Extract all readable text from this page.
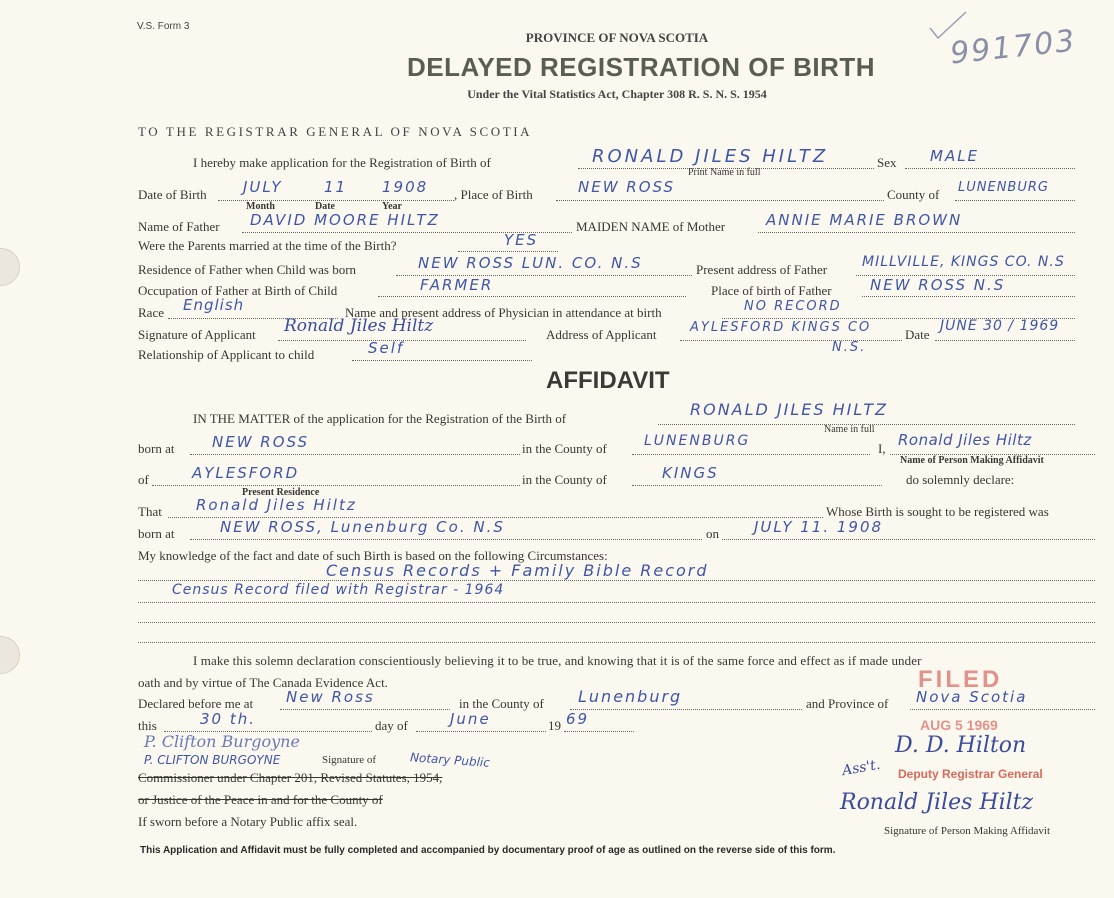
V.S. Form 3	991703
PROVINCE OF NOVA SCOTIA
DELAYED REGISTRATION OF BIRTH
Under the Vital Statistics Act, Chapter 308 R. S. N. S. 1954
TO THE REGISTRAR GENERAL OF NOVA SCOTIA
I hereby make application for the Registration of Birth of	RONALD JILES HILTZ
Print Name in full
Sex MALE
Date of Birth JULY	11 1908
Month	Date	Year
, Place of Birth	NEW ROSS	County of LUNENBURG
Name of Father DAVID MOORE HILTZ	MAIDEN NAME of Mother	ANNIE MARIE BROWN
Were the Parents married at the time of the Birth?	YES
Residence of Father when Child was born	NEW ROSS LUN. CO. N.S	Present address of Father MILLVILLE, KINGS CO. N.S
Occupation of Father at Birth of Child	FARMER	Place of birth of Father	NEW ROSS N.S
Race English	Name and present address of Physician in attendance at birth	NO RECORD
Signature of Applicant Ronald Jiles Hiltz	Address of Applicant	AYLESFORD KINGS CO
N.S.
Date
JUNE 30 / 1969
Relationship of Applicant to child	Self
AFFIDAVIT
IN THE MATTER of the application for the Registration of the Birth of	RONALD JILES HILTZ
Name in full
born at	NEW ROSS	in the County of	LUNENBURG	I, Ronald Jiles Hiltz
Name of Person Making Affidavit
of	AYLESFORD
Present Residence
in the County of	KINGS	do solemnly declare:
That Ronald Jiles Hiltz	Whose Birth is sought to be registered was
born at	NEW ROSS, Lunenburg Co. N.S	on JULY 11. 1908
My knowledge of the fact and date of such Birth is based on the following Circumstances:
Census Records + Family Bible Record
Census Record filed with Registrar - 1964
I make this solemn declaration conscientiously believing it to be true, and knowing that it is of the same force and effect as if made under
oath and by virtue of The Canada Evidence Act.
Declared before me at New Ross	in the County of Lunenburg	and Province of Nova Scotia
this	30 th.	day of	June	19 69
P. Clifton Burgoyne
P. CLIFTON BURGOYNE	Signature of	Notary Public
Commissioner under Chapter 201, Revised Statutes, 1954,
or Justice of the Peace in and for the County of
If sworn before a Notary Public affix seal.
FILED
AUG 5 1969
D. D. Hilton
Ass't. Deputy Registrar General
Ronald Jiles Hiltz
Signature of Person Making Affidavit
This Application and Affidavit must be fully completed and accompanied by documentary proof of age as outlined on the reverse side of this form.
